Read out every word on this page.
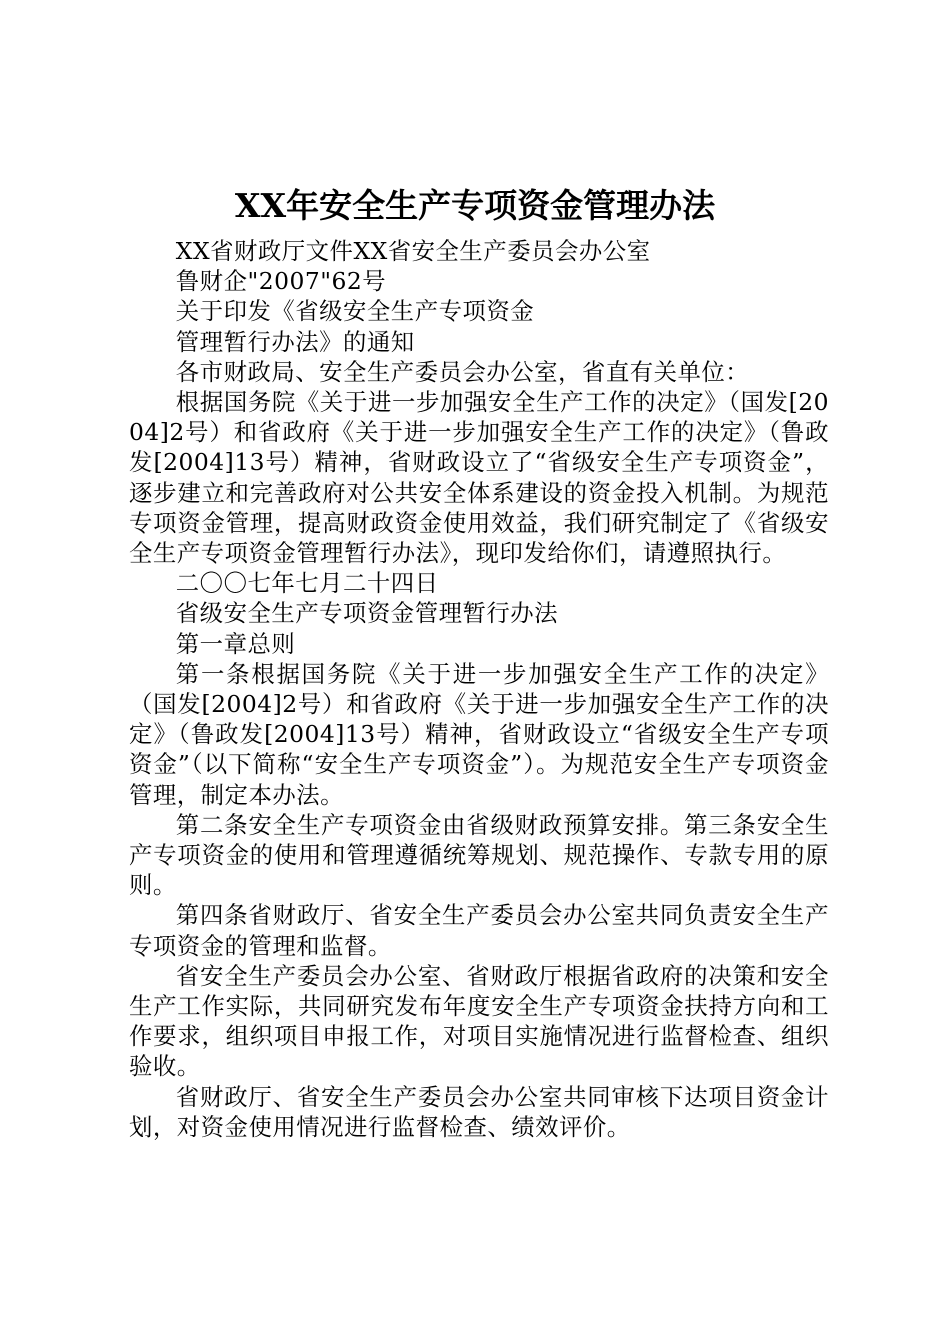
XX年安全生产专项资金管理办法

XX省财政厅文件XX省安全生产委员会办公室

鲁财企"2007"62号

关于印发《省级安全生产专项资金

管理暂行办法》的通知

各市财政局、安全生产委员会办公室，省直有关单位：

根据国务院《关于进一步加强安全生产工作的决定》（国发[2004]2号）和省政府《关于进一步加强安全生产工作的决定》（鲁政发[2004]13号）精神，省财政设立了“省级安全生产专项资金”，逐步建立和完善政府对公共安全体系建设的资金投入机制。为规范专项资金管理，提高财政资金使用效益，我们研究制定了《省级安全生产专项资金管理暂行办法》，现印发给你们，请遵照执行。

二〇〇七年七月二十四日

省级安全生产专项资金管理暂行办法

第一章总则

第一条根据国务院《关于进一步加强安全生产工作的决定》（国发[2004]2号）和省政府《关于进一步加强安全生产工作的决定》（鲁政发[2004]13号）精神，省财政设立“省级安全生产专项资金”（以下简称“安全生产专项资金”）。为规范安全生产专项资金管理，制定本办法。

第二条安全生产专项资金由省级财政预算安排。第三条安全生产专项资金的使用和管理遵循统筹规划、规范操作、专款专用的原则。

第四条省财政厅、省安全生产委员会办公室共同负责安全生产专项资金的管理和监督。

省安全生产委员会办公室、省财政厅根据省政府的决策和安全生产工作实际，共同研究发布年度安全生产专项资金扶持方向和工作要求，组织项目申报工作，对项目实施情况进行监督检查、组织验收。

省财政厅、省安全生产委员会办公室共同审核下达项目资金计划，对资金使用情况进行监督检查、绩效评价。
